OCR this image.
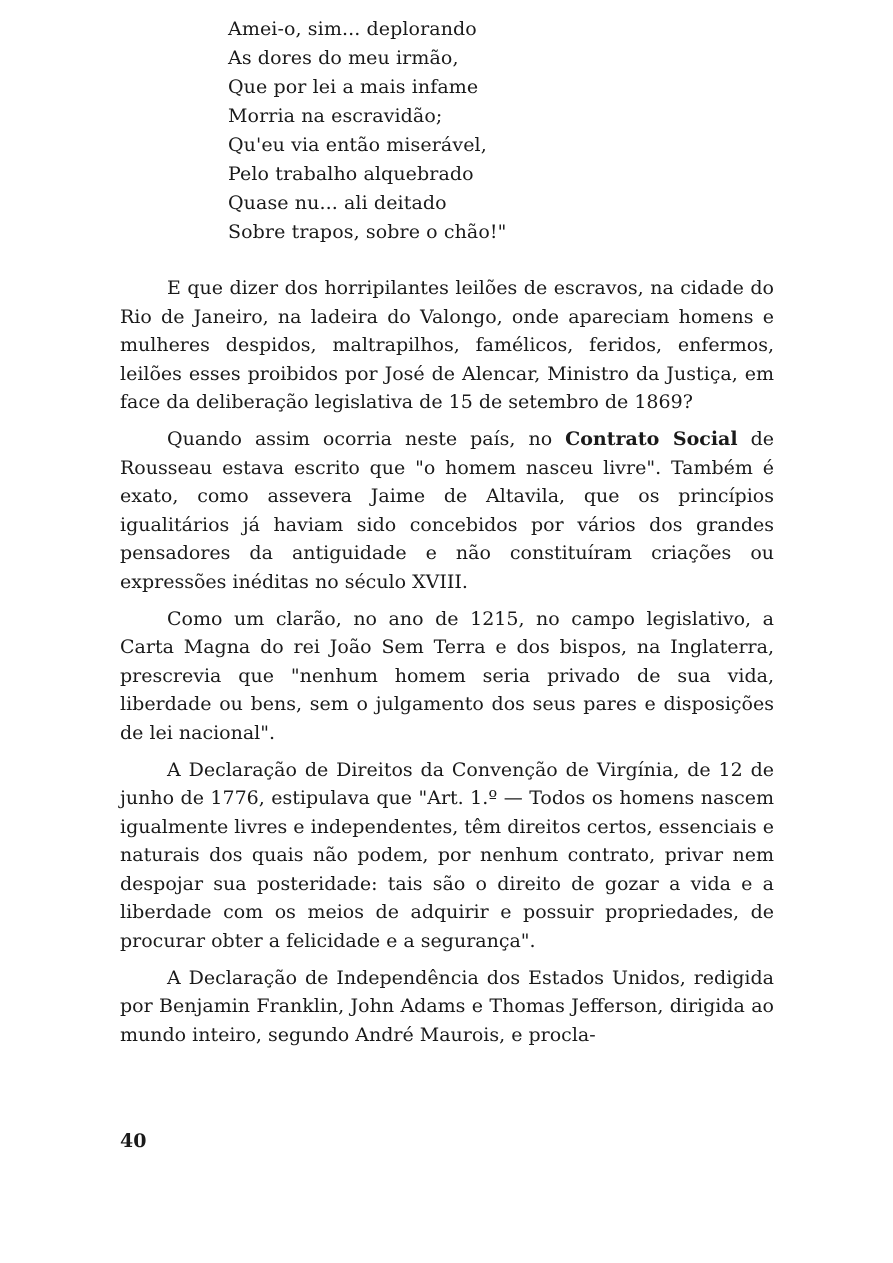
Amei-o, sim... deplorando
As dores do meu irmão,
Que por lei a mais infame
Morria na escravidão;
Qu'eu via então miserável,
Pelo trabalho alquebrado
Quase nu... ali deitado
Sobre trapos, sobre o chão!"

E que dizer dos horripilantes leilões de escravos, na cidade do Rio de Janeiro, na ladeira do Valongo, onde apareciam homens e mulheres despidos, maltrapilhos, famélicos, feridos, enfermos, leilões esses proibidos por José de Alencar, Ministro da Justiça, em face da deliberação legislativa de 15 de setembro de 1869?

Quando assim ocorria neste país, no Contrato Social de Rousseau estava escrito que "o homem nasceu livre". Também é exato, como assevera Jaime de Altavila, que os princípios igualitários já haviam sido concebidos por vários dos grandes pensadores da antiguidade e não constituíram criações ou expressões inéditas no século XVIII.

Como um clarão, no ano de 1215, no campo legislativo, a Carta Magna do rei João Sem Terra e dos bispos, na Inglaterra, prescrevia que "nenhum homem seria privado de sua vida, liberdade ou bens, sem o julgamento dos seus pares e disposições de lei nacional".

A Declaração de Direitos da Convenção de Virgínia, de 12 de junho de 1776, estipulava que "Art. 1.º — Todos os homens nascem igualmente livres e independentes, têm direitos certos, essenciais e naturais dos quais não podem, por nenhum contrato, privar nem despojar sua posteridade: tais são o direito de gozar a vida e a liberdade com os meios de adquirir e possuir propriedades, de procurar obter a felicidade e a segurança".

A Declaração de Independência dos Estados Unidos, redigida por Benjamin Franklin, John Adams e Thomas Jefferson, dirigida ao mundo inteiro, segundo André Maurois, e procla-

40
